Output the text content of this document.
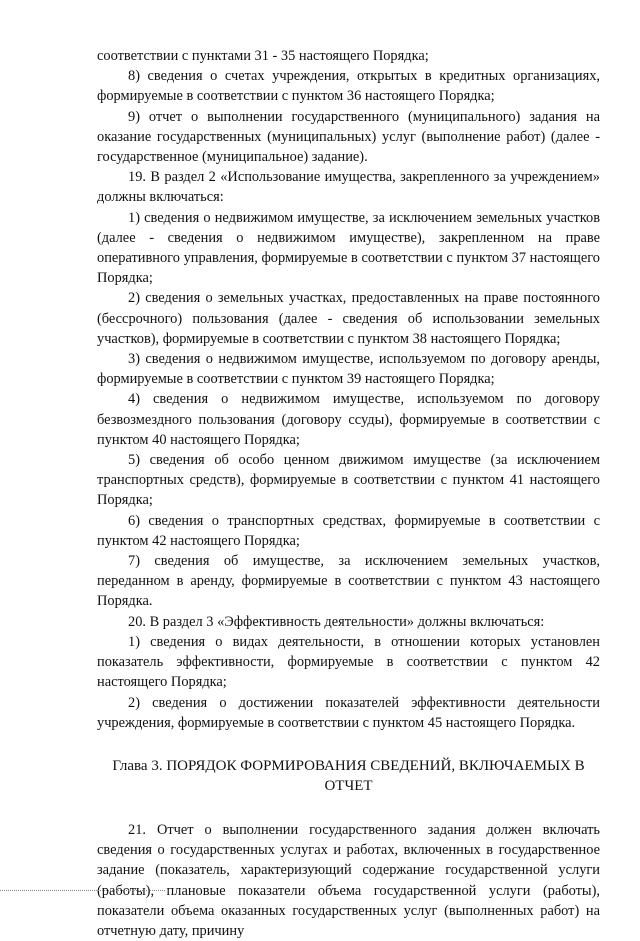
соответствии с пунктами 31 - 35 настоящего Порядка;

8) сведения о счетах учреждения, открытых в кредитных организациях, формируемые в соответствии с пунктом 36 настоящего Порядка;

9) отчет о выполнении государственного (муниципального) задания на оказание государственных (муниципальных) услуг (выполнение работ) (далее - государственное (муниципальное) задание).

19. В раздел 2 «Использование имущества, закрепленного за учреждением» должны включаться:

1) сведения о недвижимом имуществе, за исключением земельных участков (далее - сведения о недвижимом имуществе), закрепленном на праве оперативного управления, формируемые в соответствии с пунктом 37 настоящего Порядка;

2) сведения о земельных участках, предоставленных на праве постоянного (бессрочного) пользования (далее - сведения об использовании земельных участков), формируемые в соответствии с пунктом 38 настоящего Порядка;

3) сведения о недвижимом имуществе, используемом по договору аренды, формируемые в соответствии с пунктом 39 настоящего Порядка;

4) сведения о недвижимом имуществе, используемом по договору безвозмездного пользования (договору ссуды), формируемые в соответствии с пунктом 40 настоящего Порядка;

5) сведения об особо ценном движимом имуществе (за исключением транспортных средств), формируемые в соответствии с пунктом 41 настоящего Порядка;

6) сведения о транспортных средствах, формируемые в соответствии с пунктом 42 настоящего Порядка;

7) сведения об имуществе, за исключением земельных участков, переданном в аренду, формируемые в соответствии с пунктом 43 настоящего Порядка.

20. В раздел 3 «Эффективность деятельности» должны включаться:

1) сведения о видах деятельности, в отношении которых установлен показатель эффективности, формируемые в соответствии с пунктом 42 настоящего Порядка;

2) сведения о достижении показателей эффективности деятельности учреждения, формируемые в соответствии с пунктом 45 настоящего Порядка.

Глава 3. ПОРЯДОК ФОРМИРОВАНИЯ СВЕДЕНИЙ, ВКЛЮЧАЕМЫХ В ОТЧЕТ

21. Отчет о выполнении государственного задания должен включать сведения о государственных услугах и работах, включенных в государственное задание (показатель, характеризующий содержание государственной услуги (работы), плановые показатели объема государственной услуги (работы), показатели объема оказанных государственных услуг (выполненных работ) на отчетную дату, причину
